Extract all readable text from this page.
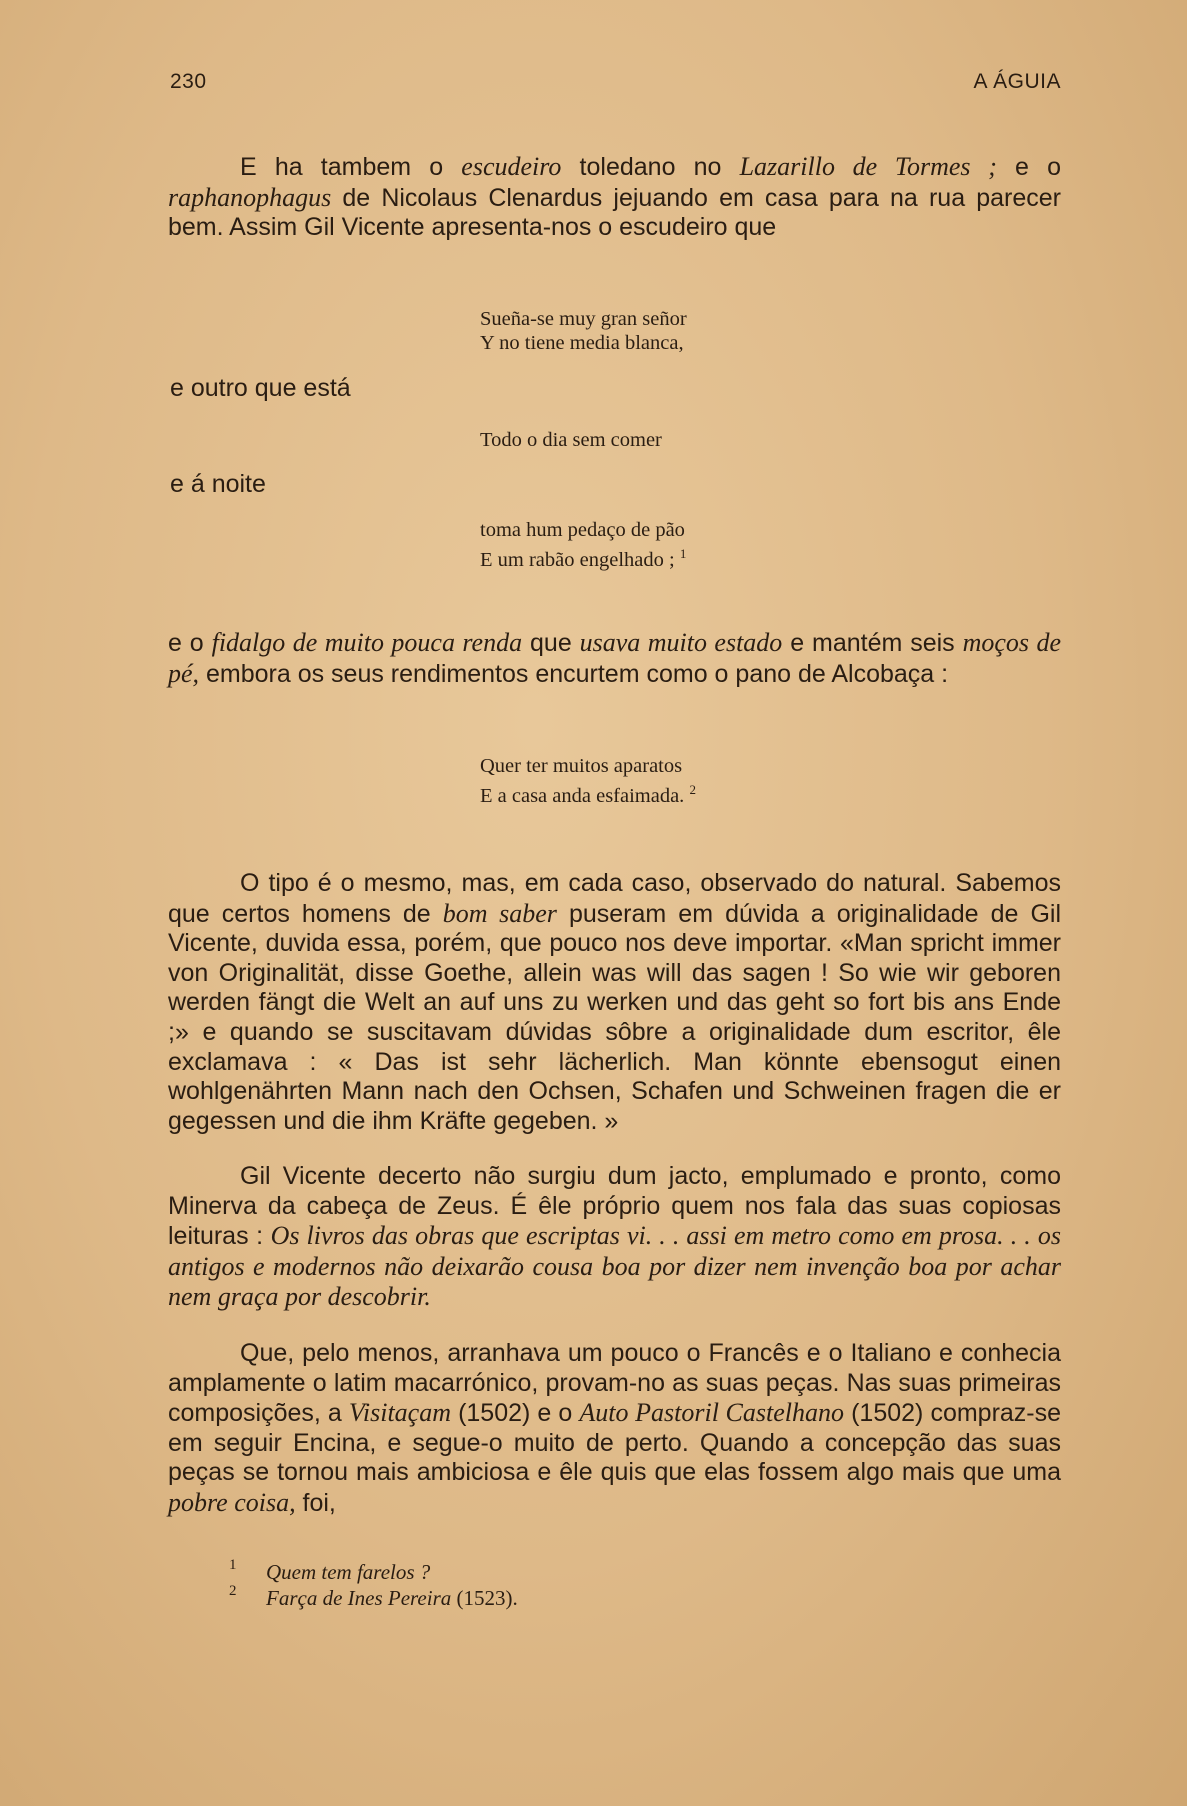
230	A ÁGUIA

E ha tambem o escudeiro toledano no Lazarillo de Tormes ; e o raphanophagus de Nicolaus Clenardus jejuando em casa para na rua parecer bem. Assim Gil Vicente apresenta-nos o escudeiro que

Sueña-se muy gran señor
Y no tiene media blanca,
e outro que está
Todo o dia sem comer
e á noite
toma hum pedaço de pão
E um rabão engelhado ; $^1$

e o fidalgo de muito pouca renda que usava muito estado e mantém seis moços de pé, embora os seus rendimentos encurtem como o pano de Alcobaça :

Quer ter muitos aparatos
E a casa anda esfaimada. $^2$

O tipo é o mesmo, mas, em cada caso, observado do natural. Sabemos que certos homens de bom saber puseram em dúvida a originalidade de Gil Vicente, duvida essa, porém, que pouco nos deve importar. «Man spricht immer von Originalität, disse Goethe, allein was will das sagen ! So wie wir geboren werden fängt die Welt an auf uns zu werken und das geht so fort bis ans Ende ;» e quando se suscitavam dúvidas sôbre a originalidade dum escritor, êle exclamava : « Das ist sehr lächerlich. Man könnte ebensogut einen wohlgenährten Mann nach den Ochsen, Schafen und Schweinen fragen die er gegessen und die ihm Kräfte gegeben. »

Gil Vicente decerto não surgiu dum jacto, emplumado e pronto, como Minerva da cabeça de Zeus. É êle próprio quem nos fala das suas copiosas leituras : Os livros das obras que escriptas vi. . . assi em metro como em prosa. . . os antigos e modernos não deixarão cousa boa por dizer nem invenção boa por achar nem graça por descobrir.

Que, pelo menos, arranhava um pouco o Francês e o Italiano e conhecia amplamente o latim macarrónico, provam-no as suas peças. Nas suas primeiras composições, a Visitaçam (1502) e o Auto Pastoril Castelhano (1502) compraz-se em seguir Encina, e segue-o muito de perto. Quando a concepção das suas peças se tornou mais ambiciosa e êle quis que elas fossem algo mais que uma pobre coisa, foi,

1 Quem tem farelos ?
2 Farça de Ines Pereira (1523).
